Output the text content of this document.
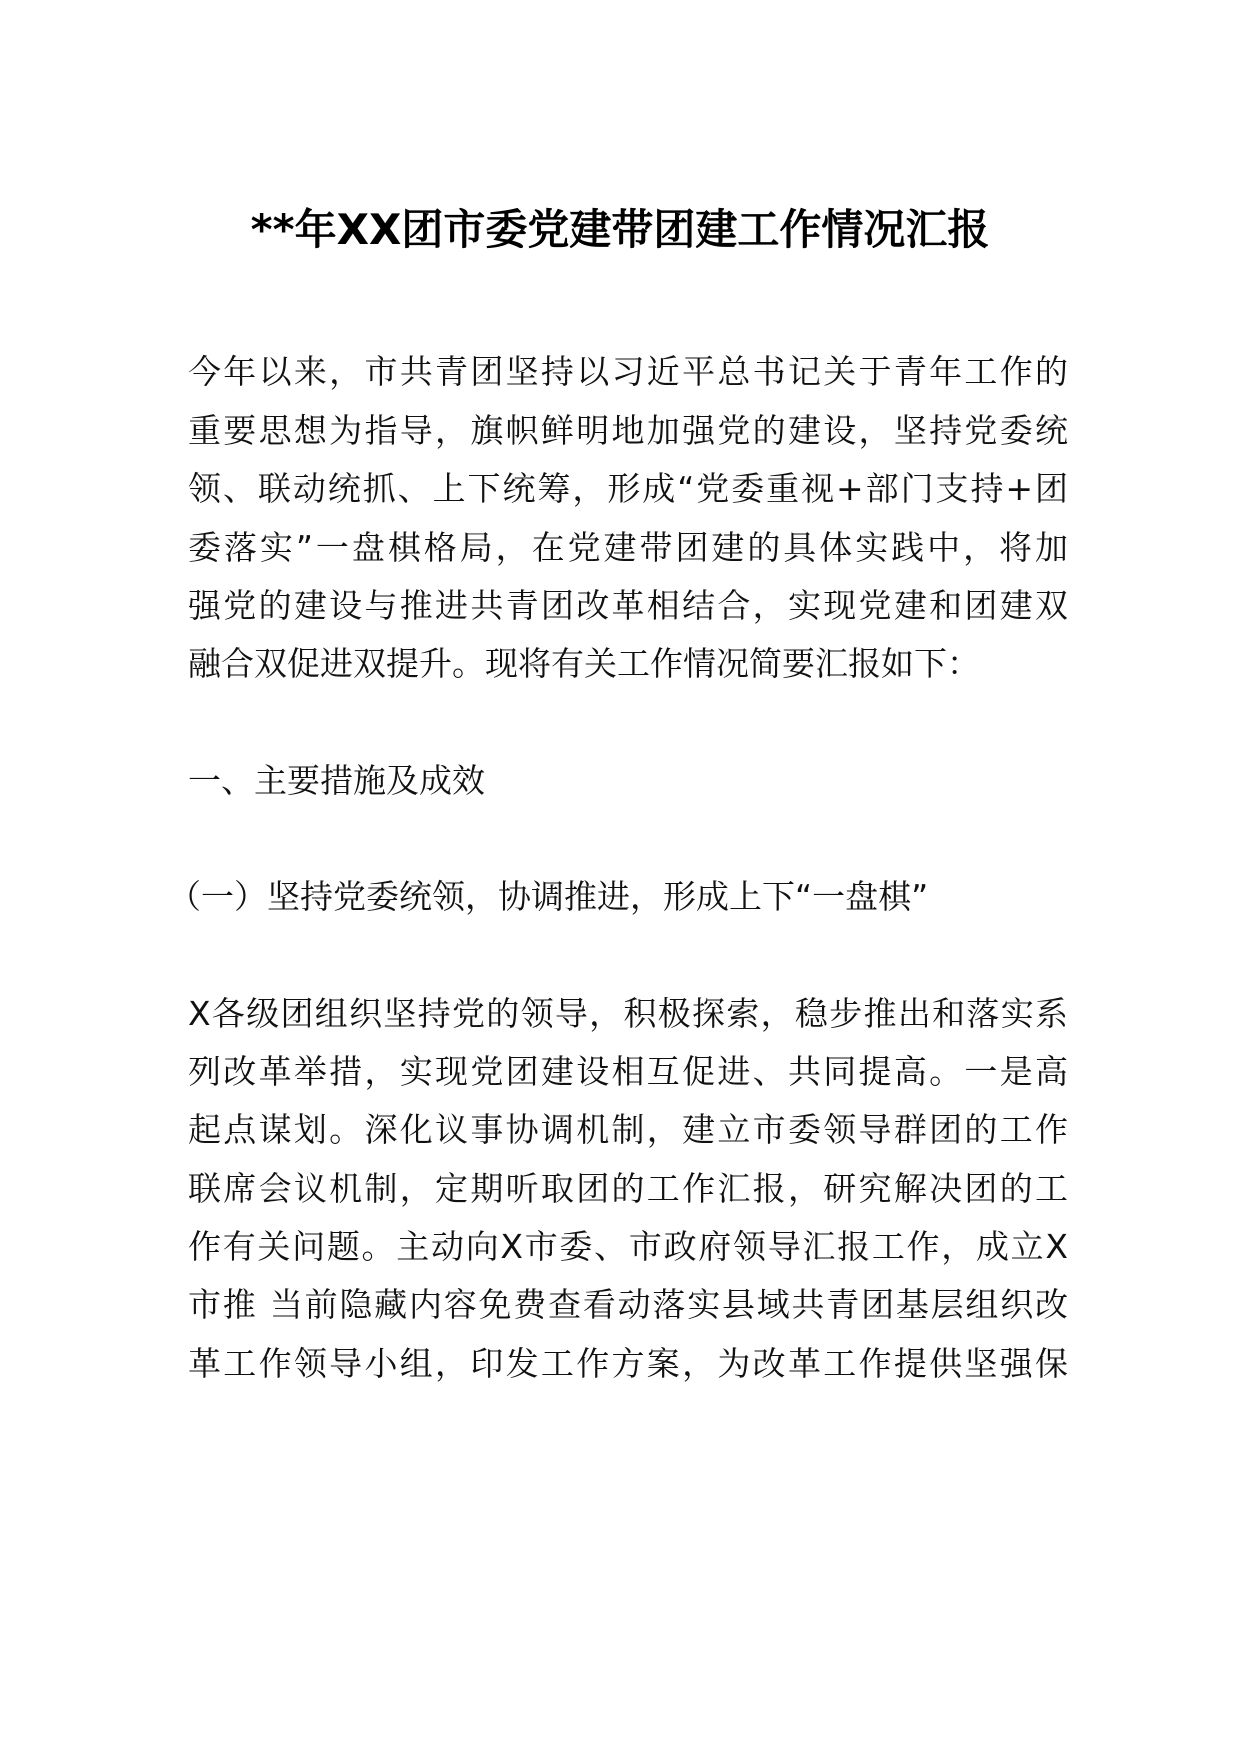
**年XX团市委党建带团建工作情况汇报
今年以来，市共青团坚持以习近平总书记关于青年工作的
重要思想为指导，旗帜鲜明地加强党的建设，坚持党委统
领、联动统抓、上下统筹，形成“党委重视+部门支持+团
委落实”一盘棋格局，在党建带团建的具体实践中，将加
强党的建设与推进共青团改革相结合，实现党建和团建双
融合双促进双提升。现将有关工作情况简要汇报如下：
一、主要措施及成效
（一）坚持党委统领，协调推进，形成上下“一盘棋”
X各级团组织坚持党的领导，积极探索，稳步推出和落实系
列改革举措，实现党团建设相互促进、共同提高。一是高
起点谋划。深化议事协调机制，建立市委领导群团的工作
联席会议机制，定期听取团的工作汇报，研究解决团的工
作有关问题。主动向X市委、市政府领导汇报工作，成立X
市推 当前隐藏内容免费查看动落实县域共青团基层组织改
革工作领导小组，印发工作方案，为改革工作提供坚强保
